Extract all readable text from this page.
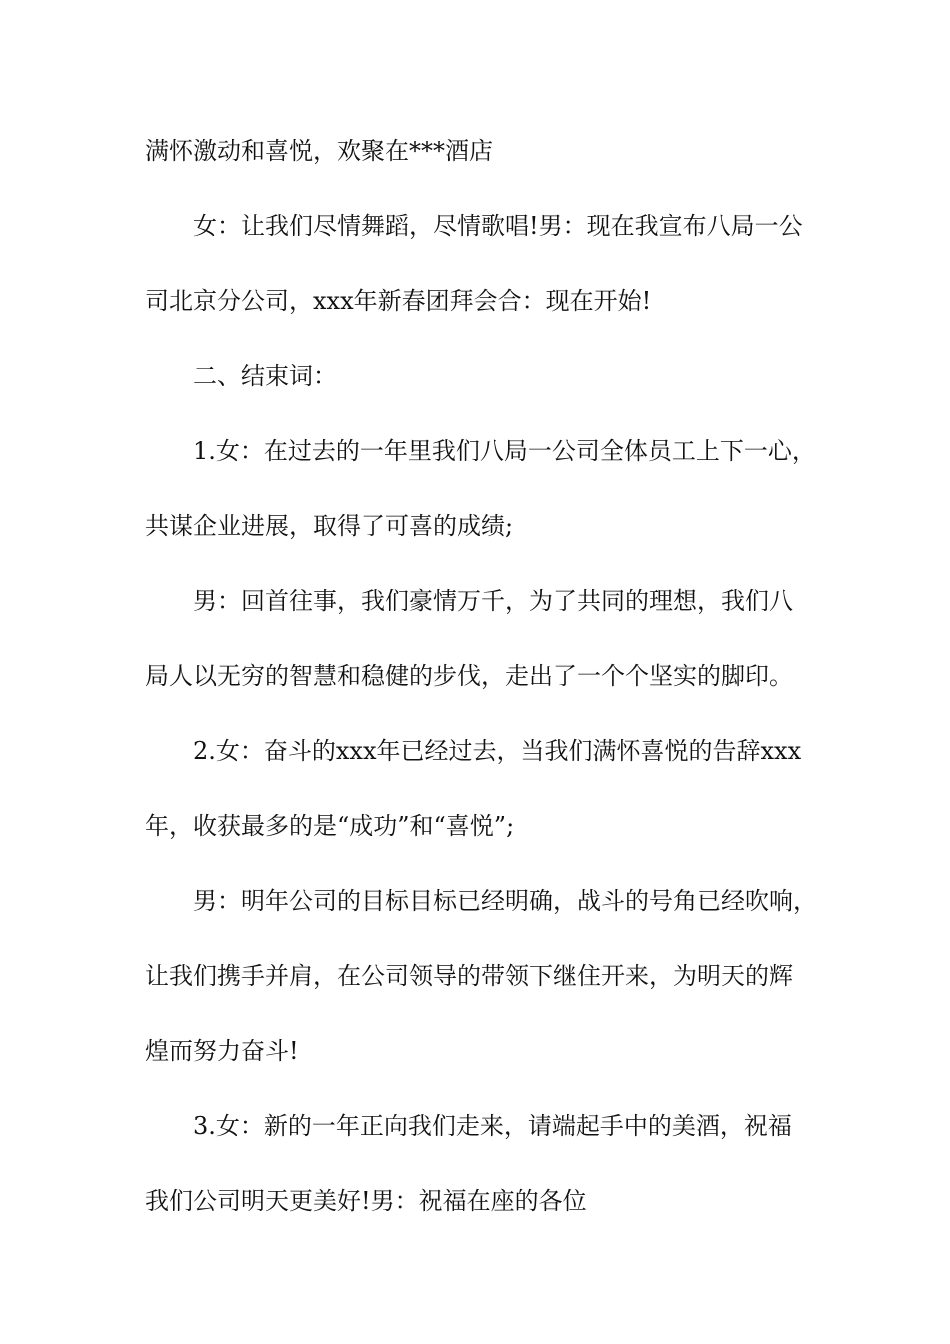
满怀激动和喜悦，欢聚在***酒店
女：让我们尽情舞蹈，尽情歌唱!男：现在我宣布八局一公
司北京分公司，xxx年新春团拜会合：现在开始!
二、结束词：
1.女：在过去的一年里我们八局一公司全体员工上下一心，
共谋企业进展，取得了可喜的成绩;
男：回首往事，我们豪情万千，为了共同的理想，我们八
局人以无穷的智慧和稳健的步伐，走出了一个个坚实的脚印。
2.女：奋斗的xxx年已经过去，当我们满怀喜悦的告辞xxx
年，收获最多的是“成功”和“喜悦”;
男：明年公司的目标目标已经明确，战斗的号角已经吹响，
让我们携手并肩，在公司领导的带领下继住开来，为明天的辉
煌而努力奋斗!
3.女：新的一年正向我们走来，请端起手中的美酒，祝福
我们公司明天更美好!男：祝福在座的各位
